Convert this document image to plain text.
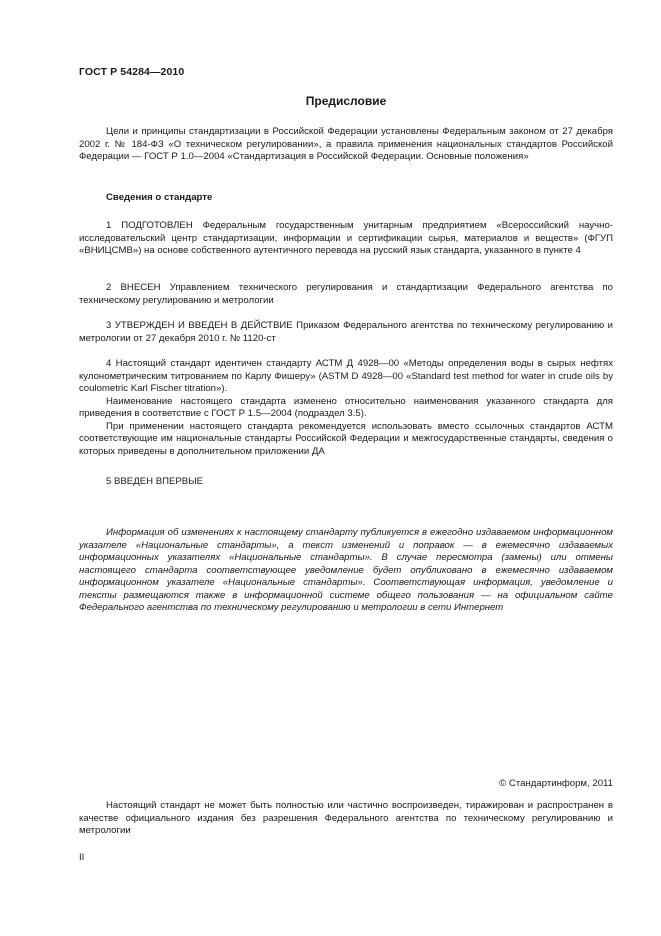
ГОСТ Р 54284—2010
Предисловие

Цели и принципы стандартизации в Российской Федерации установлены Федеральным законом от 27 декабря 2002 г. № 184-ФЗ «О техническом регулировании», а правила применения национальных стандартов Российской Федерации — ГОСТ Р 1.0—2004 «Стандартизация в Российской Федерации. Основные положения»

Сведения о стандарте

1 ПОДГОТОВЛЕН Федеральным государственным унитарным предприятием «Всероссийский научно-исследовательский центр стандартизации, информации и сертификации сырья, материалов и веществ» (ФГУП «ВНИЦСМВ») на основе собственного аутентичного перевода на русский язык стандарта, указанного в пункте 4

2 ВНЕСЕН Управлением технического регулирования и стандартизации Федерального агентства по техническому регулированию и метрологии

3 УТВЕРЖДЕН И ВВЕДЕН В ДЕЙСТВИЕ Приказом Федерального агентства по техническому регулированию и метрологии от 27 декабря 2010 г. № 1120-ст

4 Настоящий стандарт идентичен стандарту АСТМ Д 4928—00 «Методы определения воды в сырых нефтях кулонометрическим титрованием по Карлу Фишеру» (ASTM D 4928—00 «Standard test method for water in crude oils by coulometric Karl Fischer titration»).

Наименование настоящего стандарта изменено относительно наименования указанного стандарта для приведения в соответствие с ГОСТ Р 1.5—2004 (подраздел 3.5).

При применении настоящего стандарта рекомендуется использовать вместо ссылочных стандартов АСТМ соответствующие им национальные стандарты Российской Федерации и межгосударственные стандарты, сведения о которых приведены в дополнительном приложении ДА

5 ВВЕДЕН ВПЕРВЫЕ

Информация об изменениях к настоящему стандарту публикуется в ежегодно издаваемом информационном указателе «Национальные стандарты», а текст изменений и поправок — в ежемесячно издаваемых информационных указателях «Национальные стандарты». В случае пересмотра (замены) или отмены настоящего стандарта соответствующее уведомление будет опубликовано в ежемесячно издаваемом информационном указателе «Национальные стандарты». Соответствующая информация, уведомление и тексты размещаются также в информационной системе общего пользования — на официальном сайте Федерального агентства по техническому регулированию и метрологии в сети Интернет

© Стандартинформ, 2011

Настоящий стандарт не может быть полностью или частично воспроизведен, тиражирован и распространен в качестве официального издания без разрешения Федерального агентства по техническому регулированию и метрологии

II
